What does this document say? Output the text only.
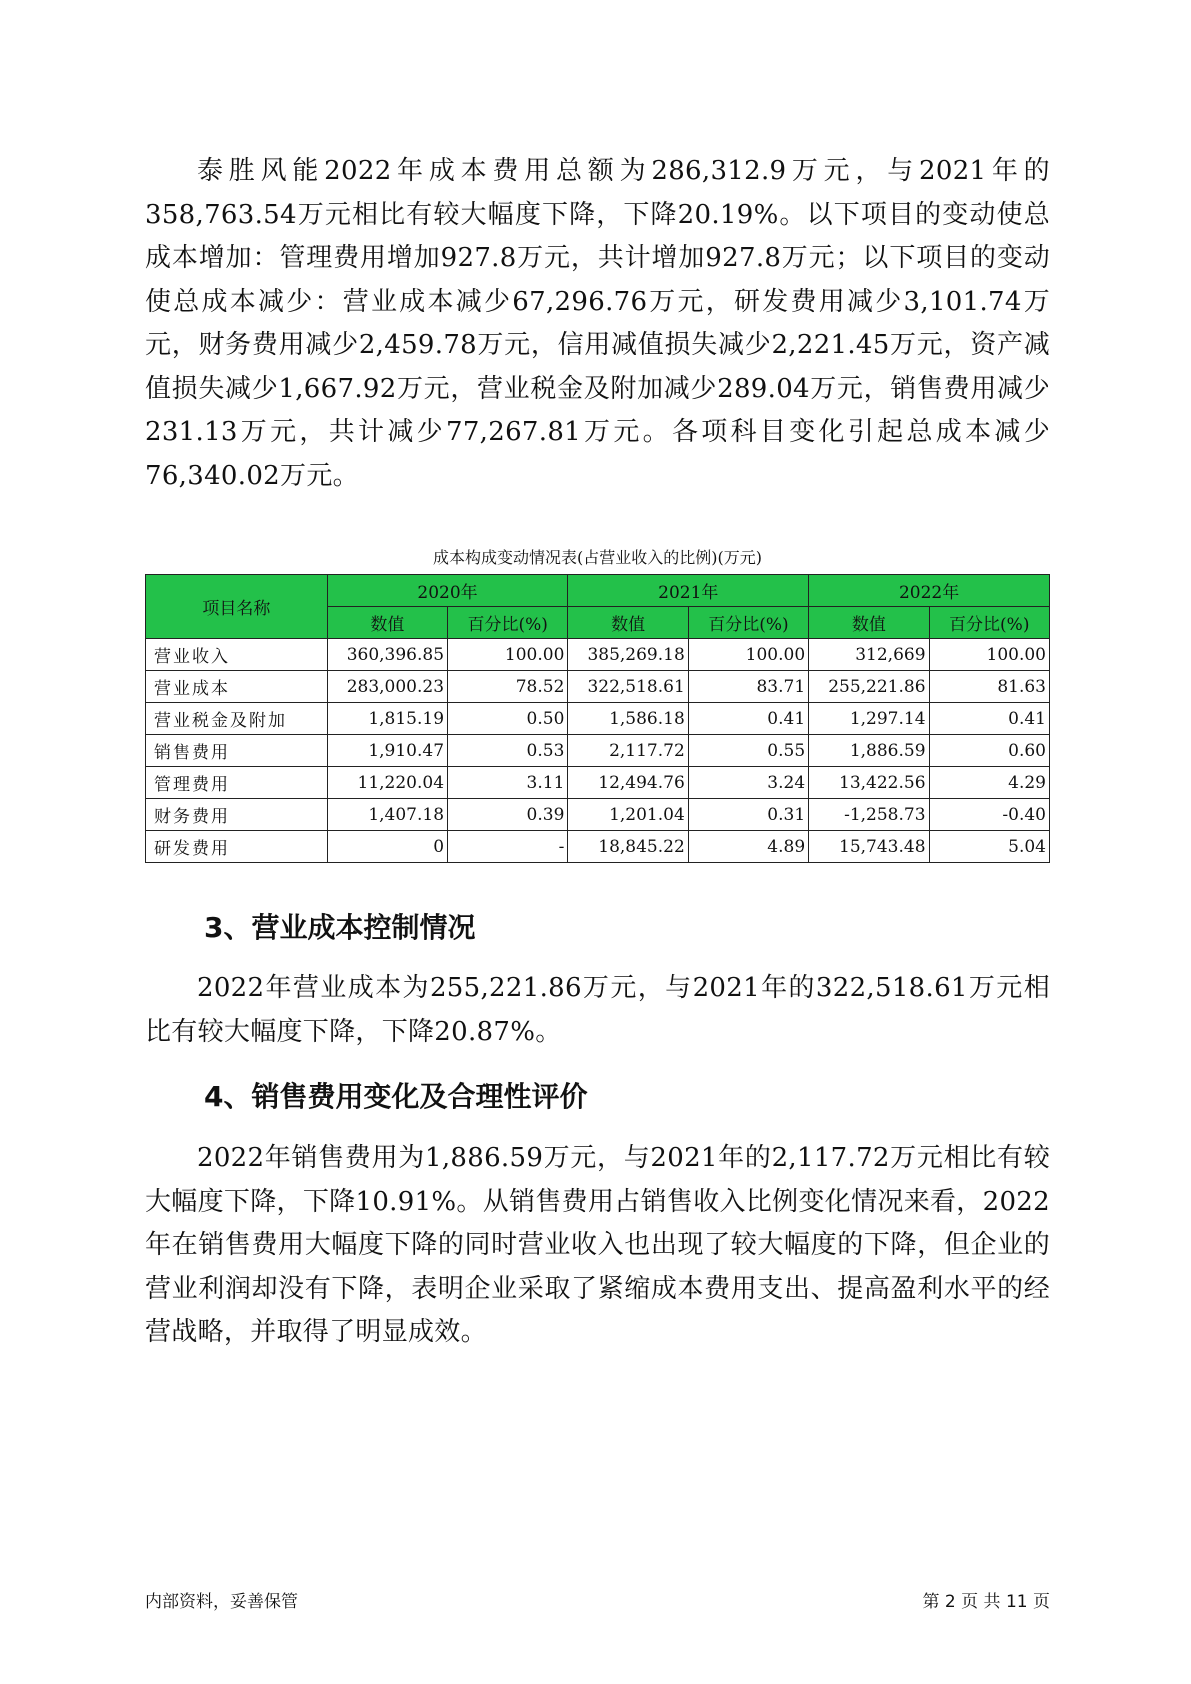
泰胜风能2022年成本费用总额为286,312.9万元，与2021年的358,763.54万元相比有较大幅度下降，下降20.19%。以下项目的变动使总成本增加：管理费用增加927.8万元，共计增加927.8万元；以下项目的变动使总成本减少：营业成本减少67,296.76万元，研发费用减少3,101.74万元，财务费用减少2,459.78万元，信用减值损失减少2,221.45万元，资产减值损失减少1,667.92万元，营业税金及附加减少289.04万元，销售费用减少231.13万元，共计减少77,267.81万元。各项科目变化引起总成本减少76,340.02万元。

成本构成变动情况表(占营业收入的比例)(万元)

项目名称	2020年		2021年		2022年	
	数值	百分比(%)	数值	百分比(%)	数值	百分比(%)
营业收入	360,396.85	100.00	385,269.18	100.00	312,669	100.00
营业成本	283,000.23	78.52	322,518.61	83.71	255,221.86	81.63
营业税金及附加	1,815.19	0.50	1,586.18	0.41	1,297.14	0.41
销售费用	1,910.47	0.53	2,117.72	0.55	1,886.59	0.60
管理费用	11,220.04	3.11	12,494.76	3.24	13,422.56	4.29
财务费用	1,407.18	0.39	1,201.04	0.31	-1,258.73	-0.40
研发费用	0	-	18,845.22	4.89	15,743.48	5.04
3、营业成本控制情况

2022年营业成本为255,221.86万元，与2021年的322,518.61万元相比有较大幅度下降，下降20.87%。

4、销售费用变化及合理性评价

2022年销售费用为1,886.59万元，与2021年的2,117.72万元相比有较大幅度下降，下降10.91%。从销售费用占销售收入比例变化情况来看，2022年在销售费用大幅度下降的同时营业收入也出现了较大幅度的下降，但企业的营业利润却没有下降，表明企业采取了紧缩成本费用支出、提高盈利水平的经营战略，并取得了明显成效。

内部资料，妥善保管	第 2 页 共 11 页
